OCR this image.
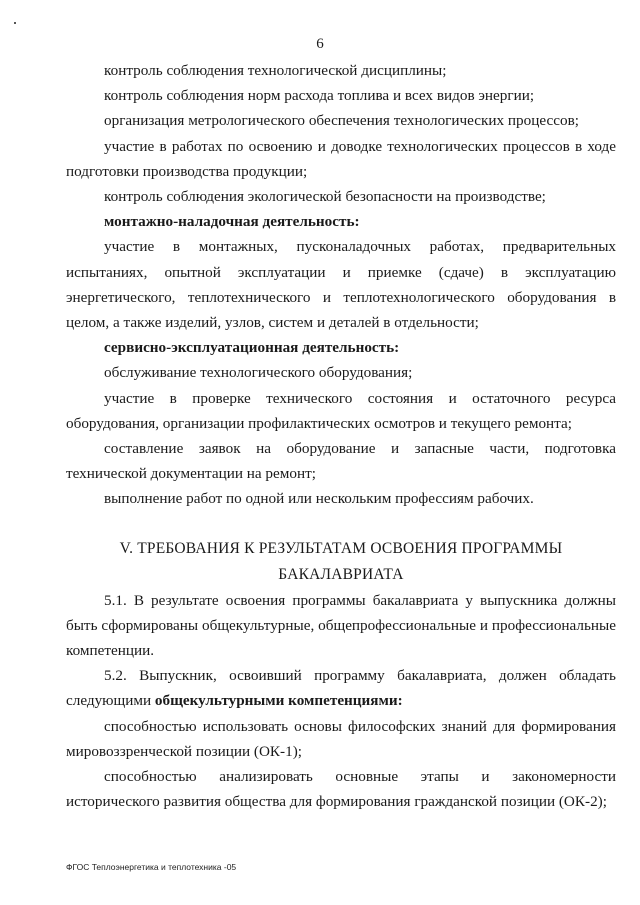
6

контроль соблюдения технологической дисциплины;

контроль соблюдения норм расхода топлива и всех видов энергии;

организация метрологического обеспечения технологических процессов;

участие в работах по освоению и доводке технологических процессов в ходе подготовки производства продукции;

контроль соблюдения экологической безопасности на производстве;

монтажно-наладочная деятельность:

участие в монтажных, пусконаладочных работах, предварительных испытаниях, опытной эксплуатации и приемке (сдаче) в эксплуатацию энергетического, теплотехнического и теплотехнологического оборудования в целом, а также изделий, узлов, систем и деталей в отдельности;

сервисно-эксплуатационная деятельность:

обслуживание технологического оборудования;

участие в проверке технического состояния и остаточного ресурса оборудования, организации профилактических осмотров и текущего ремонта;

составление заявок на оборудование и запасные части, подготовка технической документации на ремонт;

выполнение работ по одной или нескольким профессиям рабочих.

V. ТРЕБОВАНИЯ К РЕЗУЛЬТАТАМ ОСВОЕНИЯ ПРОГРАММЫ
БАКАЛАВРИАТА

5.1. В результате освоения программы бакалавриата у выпускника должны быть сформированы общекультурные, общепрофессиональные и профессиональные компетенции.

5.2. Выпускник, освоивший программу бакалавриата, должен обладать следующими общекультурными компетенциями:

способностью использовать основы философских знаний для формирования мировоззренческой позиции (ОК-1);

способностью анализировать основные этапы и закономерности исторического развития общества для формирования гражданской позиции (ОК-2);

ФГОС Теплоэнергетика и теплотехника -05
